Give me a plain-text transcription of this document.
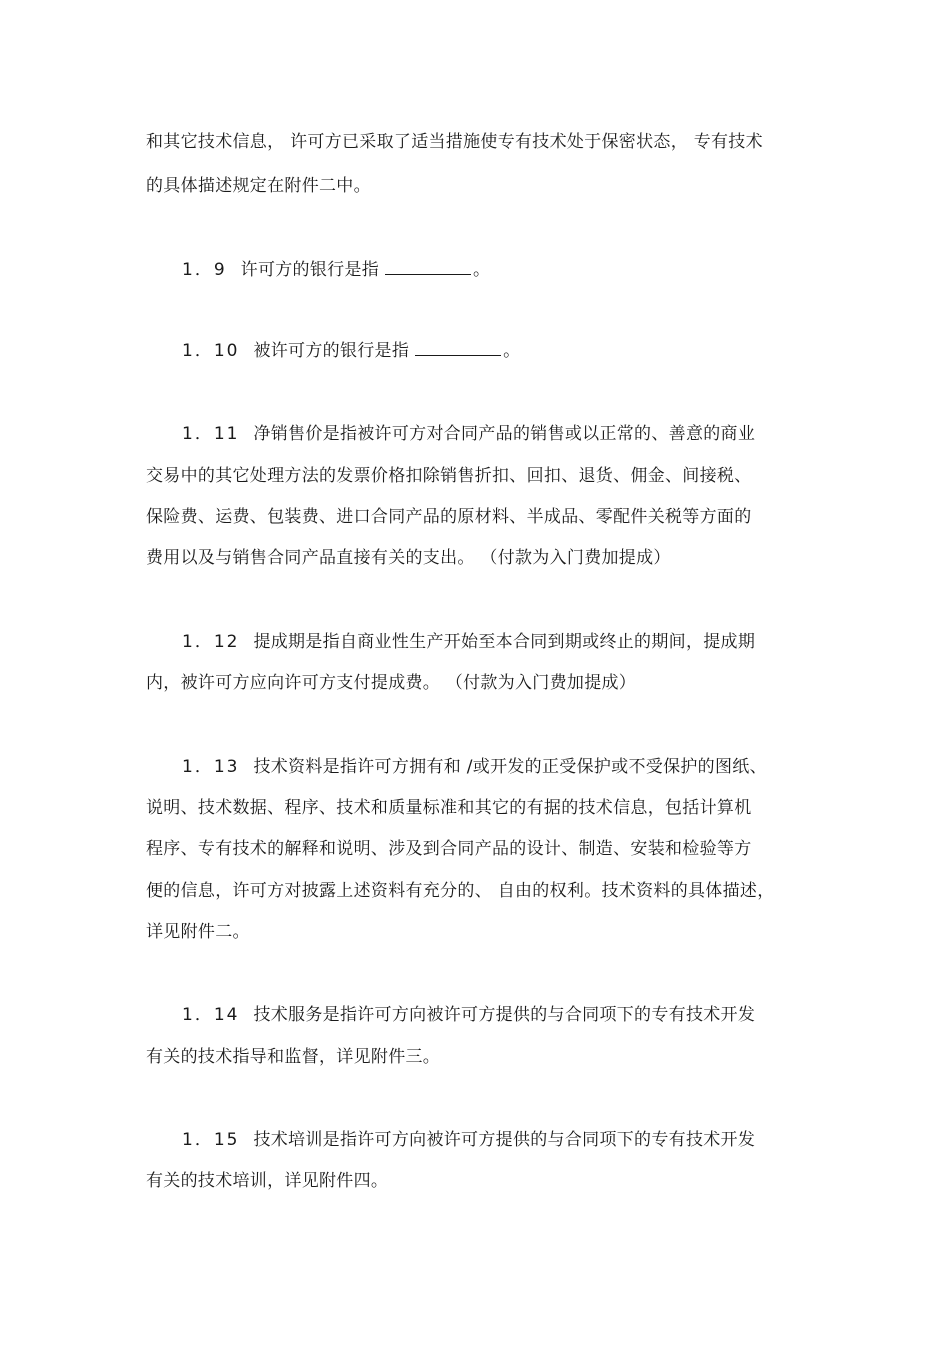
和其它技术信息， 许可方已采取了适当措施使专有技术处于保密状态， 专有技术
的具体描述规定在附件二中。
1．9 许可方的银行是指	。
1．10 被许可方的银行是指	。
1．11 净销售价是指被许可方对合同产品的销售或以正常的、善意的商业
交易中的其它处理方法的发票价格扣除销售折扣、回扣、退货、佣金、间接税、
保险费、运费、包装费、进口合同产品的原材料、半成品、零配件关税等方面的
费用以及与销售合同产品直接有关的支出。 （付款为入门费加提成）
1．12 提成期是指自商业性生产开始至本合同到期或终止的期间，提成期
内，被许可方应向许可方支付提成费。 （付款为入门费加提成）
1．13 技术资料是指许可方拥有和 /或开发的正受保护或不受保护的图纸、
说明、技术数据、程序、技术和质量标准和其它的有据的技术信息，包括计算机
程序、专有技术的解释和说明、涉及到合同产品的设计、制造、安装和检验等方
便的信息，许可方对披露上述资料有充分的、 自由的权利。技术资料的具体描述，
详见附件二。
1．14 技术服务是指许可方向被许可方提供的与合同项下的专有技术开发
有关的技术指导和监督，详见附件三。
1．15 技术培训是指许可方向被许可方提供的与合同项下的专有技术开发
有关的技术培训，详见附件四。
